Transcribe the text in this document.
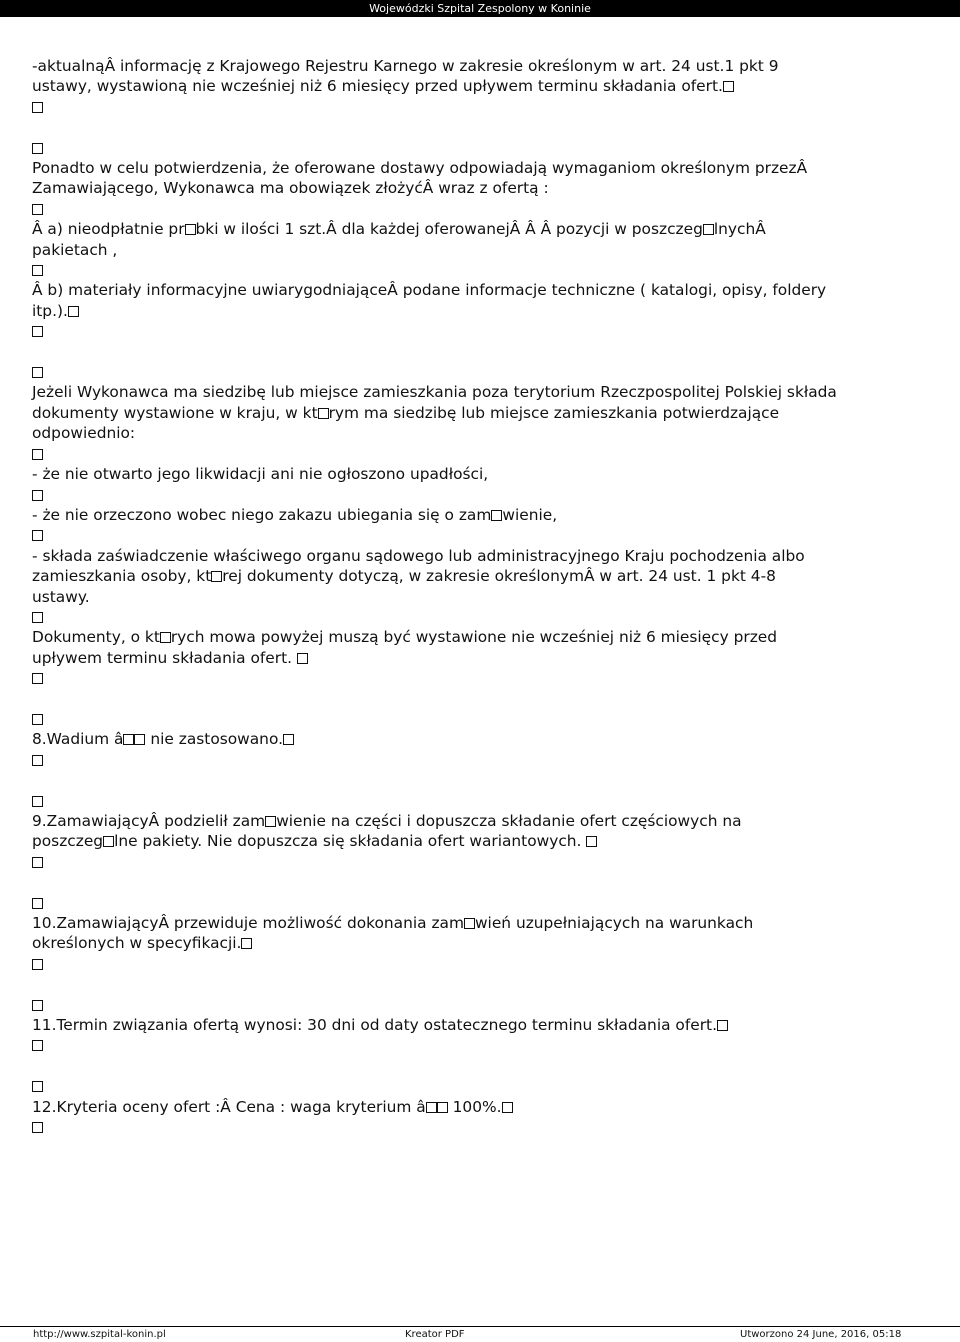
Wojewódzki Szpital Zespolony w Koninie

-aktualnąÂ informację z Krajowego Rejestru Karnego w zakresie określonym w art. 24 ust.1 pkt 9

ustawy, wystawioną nie wcześniej niż 6 miesięcy przed upływem terminu składania ofert.

Ponadto w celu potwierdzenia, że oferowane dostawy odpowiadają wymaganiom określonym przezÂ

Zamawiającego, Wykonawca ma obowiązek złożyćÂ wraz z ofertą :

Â a) nieodpłatnie pr bki w ilości 1 szt.Â dla każdej oferowanejÂ Â Â pozycji w poszczeg lnychÂ

pakietach ,

Â b) materiały informacyjne uwiarygodniająceÂ podane informacje techniczne ( katalogi, opisy, foldery

itp.).

Jeżeli Wykonawca ma siedzibę lub miejsce zamieszkania poza terytorium Rzeczpospolitej Polskiej składa

dokumenty wystawione w kraju, w kt rym ma siedzibę lub miejsce zamieszkania potwierdzające

odpowiednio:

- że nie otwarto jego likwidacji ani nie ogłoszono upadłości,

- że nie orzeczono wobec niego zakazu ubiegania się o zam wienie,

- składa zaświadczenie właściwego organu sądowego lub administracyjnego Kraju pochodzenia albo

zamieszkania osoby, kt rej dokumenty dotyczą, w zakresie określonymÂ w art. 24 ust. 1 pkt 4-8

ustawy.

Dokumenty, o kt rych mowa powyżej muszą być wystawione nie wcześniej niż 6 miesięcy przed

upływem terminu składania ofert.

8.Wadium â nie zastosowano.

9.ZamawiającyÂ podzielił zam wienie na części i dopuszcza składanie ofert częściowych na

poszczeg lne pakiety. Nie dopuszcza się składania ofert wariantowych.

10.ZamawiającyÂ przewiduje możliwość dokonania zam wień uzupełniających na warunkach

określonych w specyfikacji.

11.Termin związania ofertą wynosi: 30 dni od daty ostatecznego terminu składania ofert.

12.Kryteria oceny ofert :Â Cena : waga kryterium â 100%.

http://www.szpital-konin.pl	Kreator PDF	Utworzono 24 June, 2016, 05:18
